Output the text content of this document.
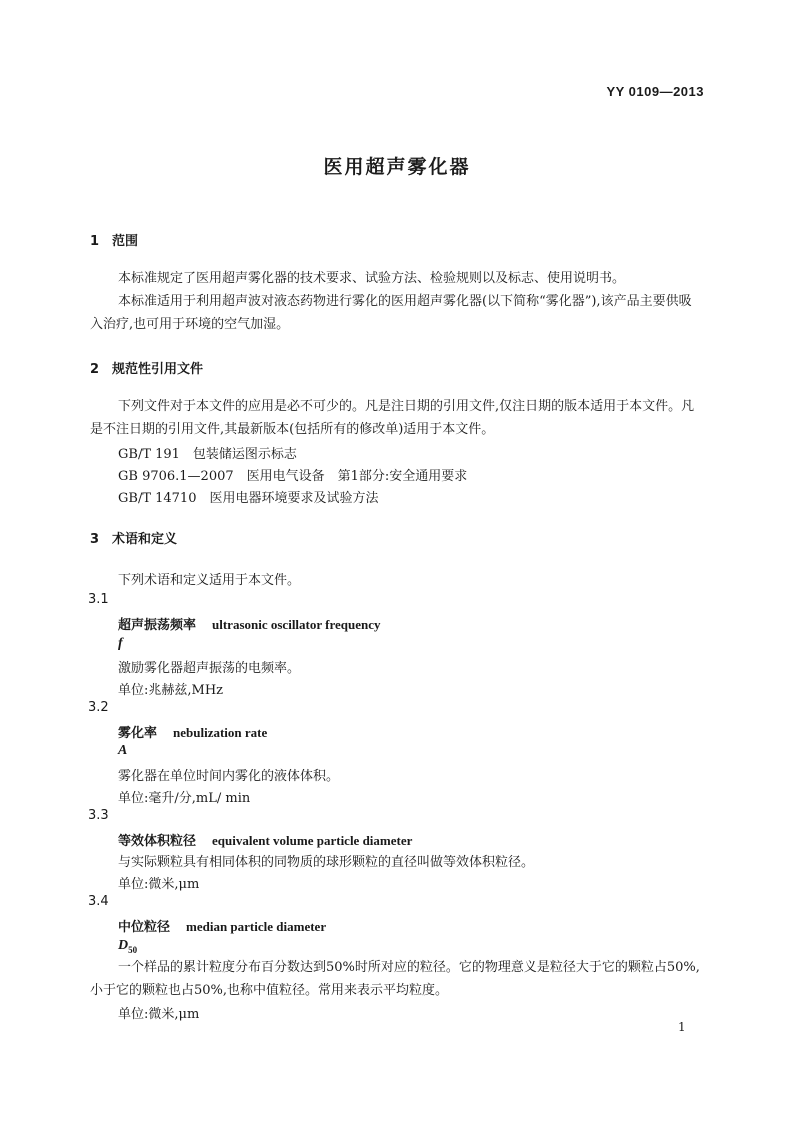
YY 0109—2013
医用超声雾化器
1 范围
本标准规定了医用超声雾化器的技术要求、试验方法、检验规则以及标志、使用说明书。
本标准适用于利用超声波对液态药物进行雾化的医用超声雾化器(以下简称“雾化器”),该产品主要供吸入治疗,也可用于环境的空气加湿。
2 规范性引用文件
下列文件对于本文件的应用是必不可少的。凡是注日期的引用文件,仅注日期的版本适用于本文件。凡是不注日期的引用文件,其最新版本(包括所有的修改单)适用于本文件。
GB/T 191　包装储运图示标志
GB 9706.1—2007　医用电气设备　第1部分:安全通用要求
GB/T 14710　医用电器环境要求及试验方法
3 术语和定义
下列术语和定义适用于本文件。
3.1
超声振荡频率 ultrasonic oscillator frequency
f
激励雾化器超声振荡的电频率。
单位:兆赫兹,MHz
3.2
雾化率 nebulization rate
A
雾化器在单位时间内雾化的液体体积。
单位:毫升/分,mL/ min
3.3
等效体积粒径 equivalent volume particle diameter
与实际颗粒具有相同体积的同物质的球形颗粒的直径叫做等效体积粒径。
单位:微米,μm
3.4
中位粒径 median particle diameter
$D_{50}$
一个样品的累计粒度分布百分数达到50%时所对应的粒径。它的物理意义是粒径大于它的颗粒占50%,小于它的颗粒也占50%,也称中值粒径。常用来表示平均粒度。
单位:微米,μm
1
